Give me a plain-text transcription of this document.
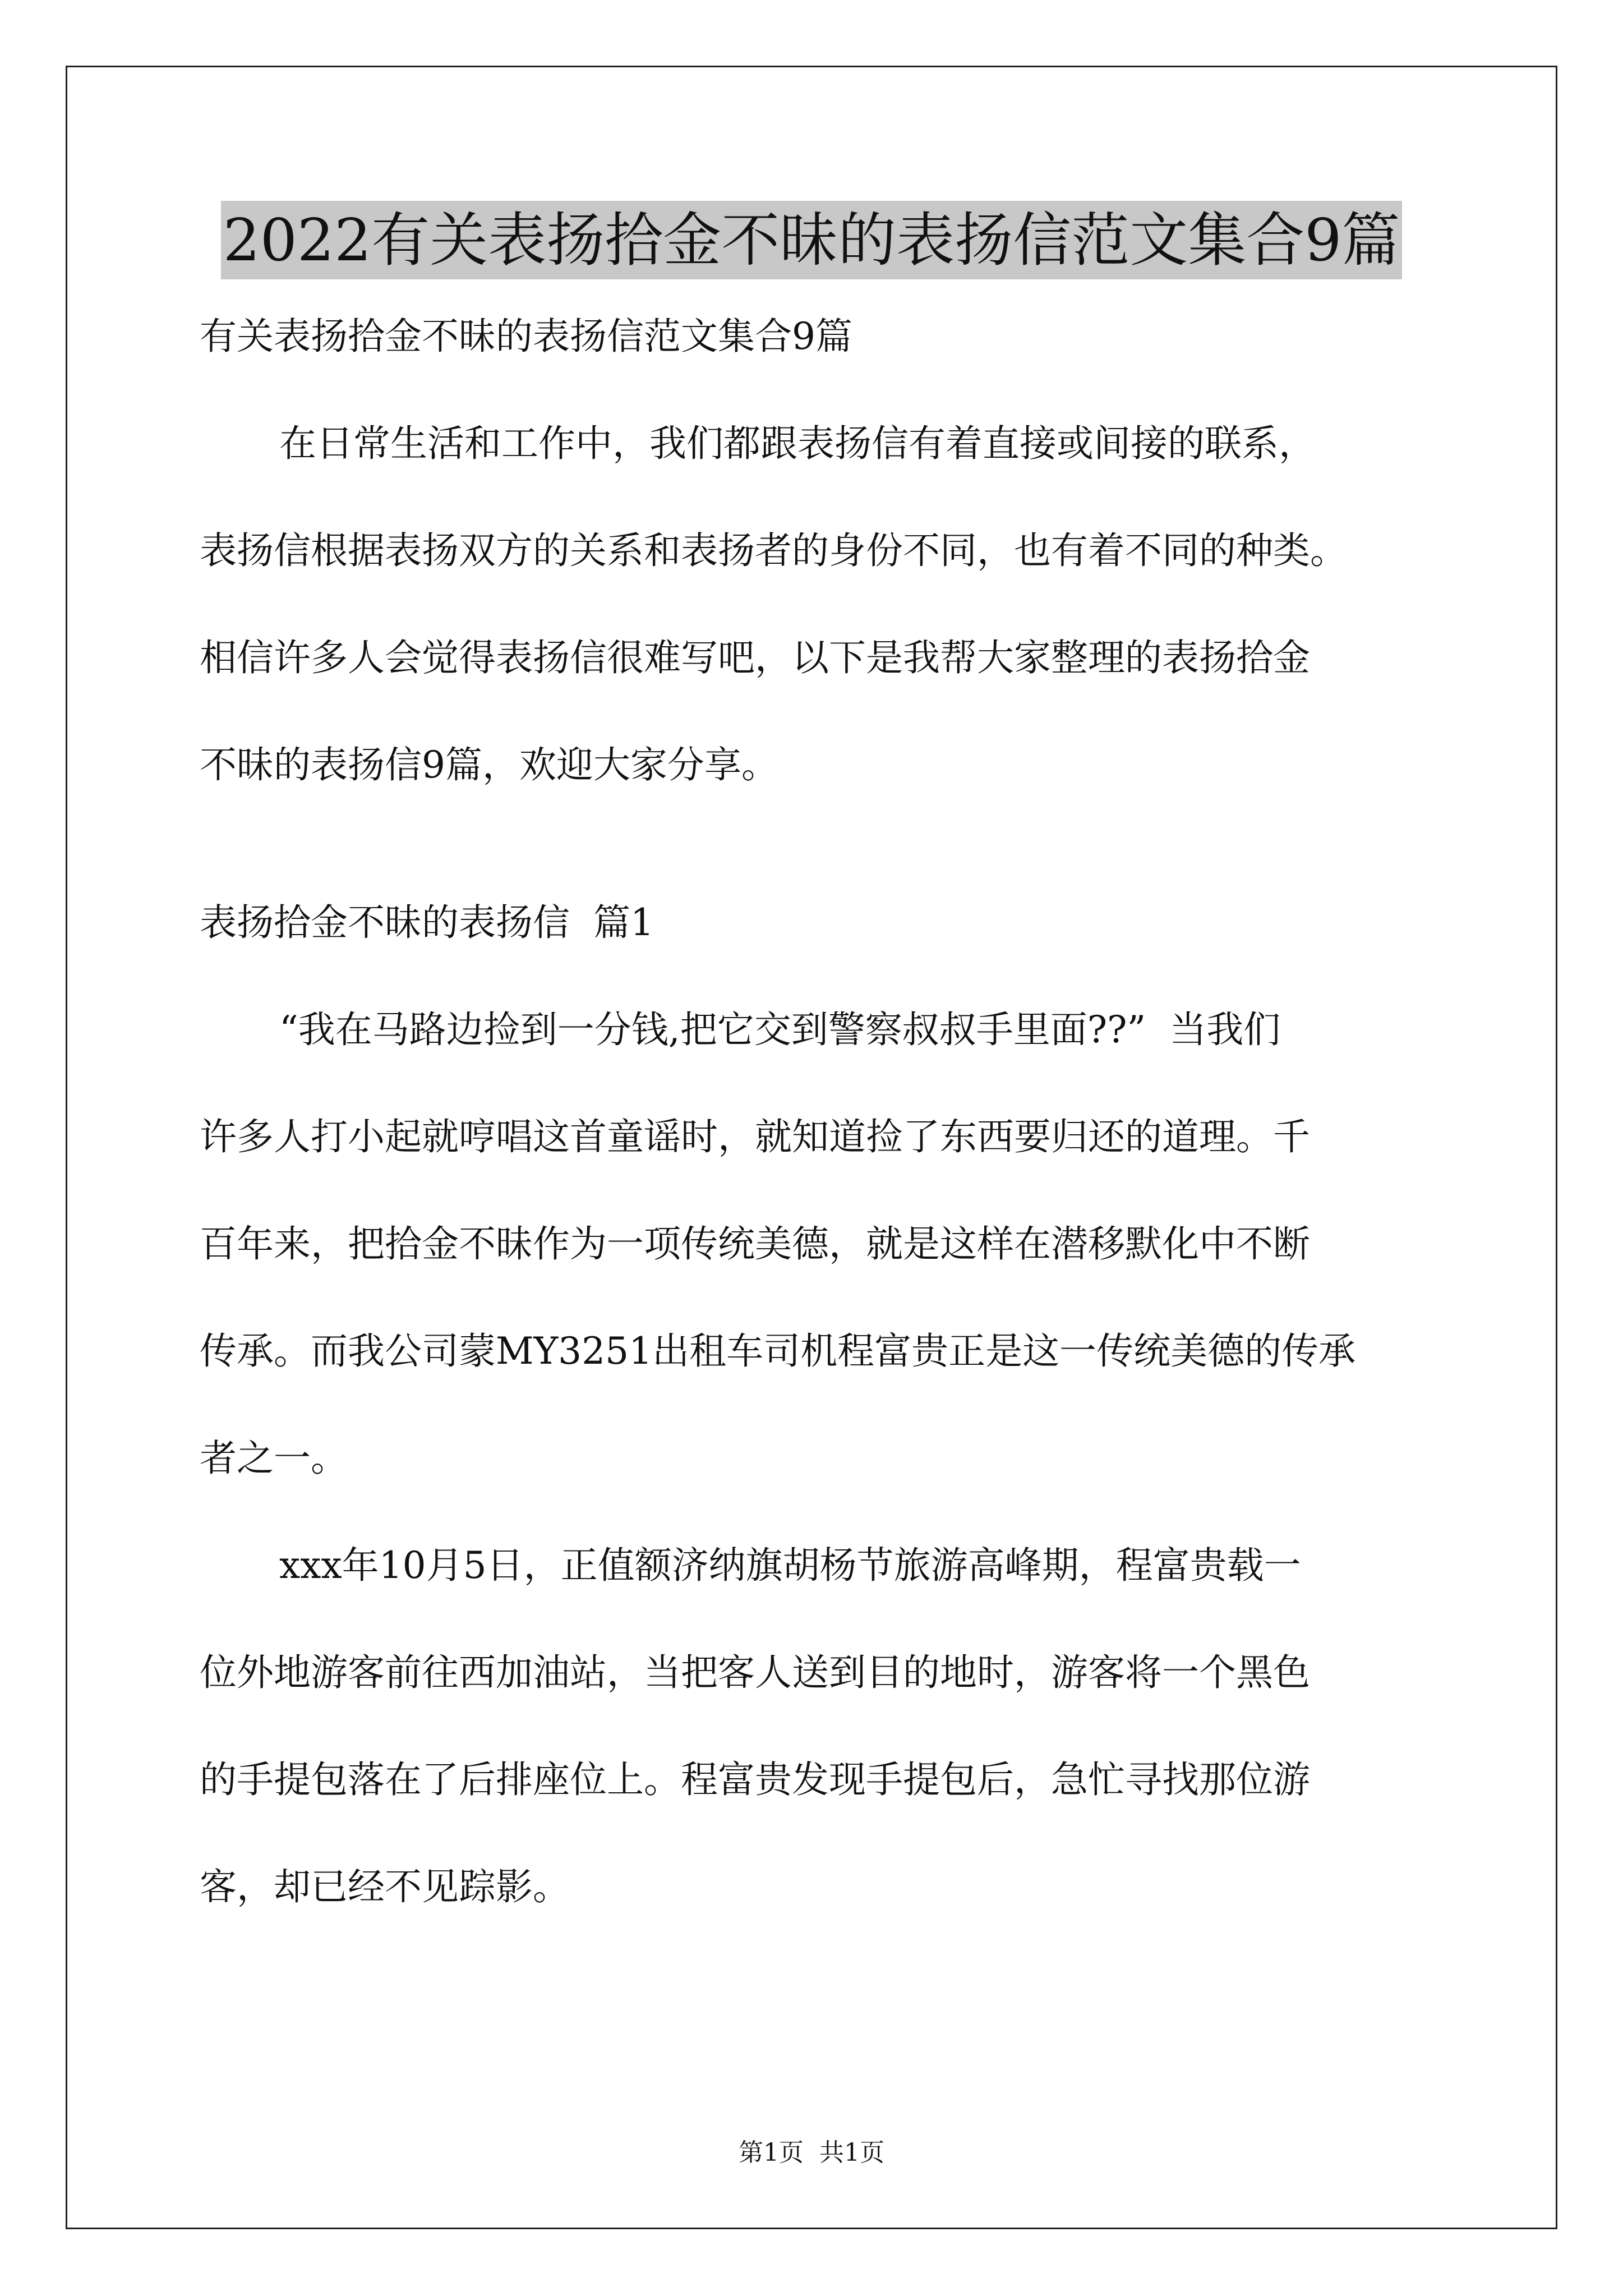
2022有关表扬拾金不昧的表扬信范文集合9篇

有关表扬拾金不昧的表扬信范文集合9篇

在日常生活和工作中，我们都跟表扬信有着直接或间接的联系，
表扬信根据表扬双方的关系和表扬者的身份不同，也有着不同的种类。
相信许多人会觉得表扬信很难写吧，以下是我帮大家整理的表扬拾金
不昧的表扬信9篇，欢迎大家分享。

表扬拾金不昧的表扬信  篇1

“我在马路边捡到一分钱,把它交到警察叔叔手里面??”  当我们
许多人打小起就哼唱这首童谣时，就知道捡了东西要归还的道理。千
百年来，把拾金不昧作为一项传统美德，就是这样在潜移默化中不断
传承。而我公司蒙MY3251出租车司机程富贵正是这一传统美德的传承
者之一。
xxx年10月5日，正值额济纳旗胡杨节旅游高峰期，程富贵载一
位外地游客前往西加油站，当把客人送到目的地时，游客将一个黑色
的手提包落在了后排座位上。程富贵发现手提包后，急忙寻找那位游
客，却已经不见踪影。
第1页 共1页
